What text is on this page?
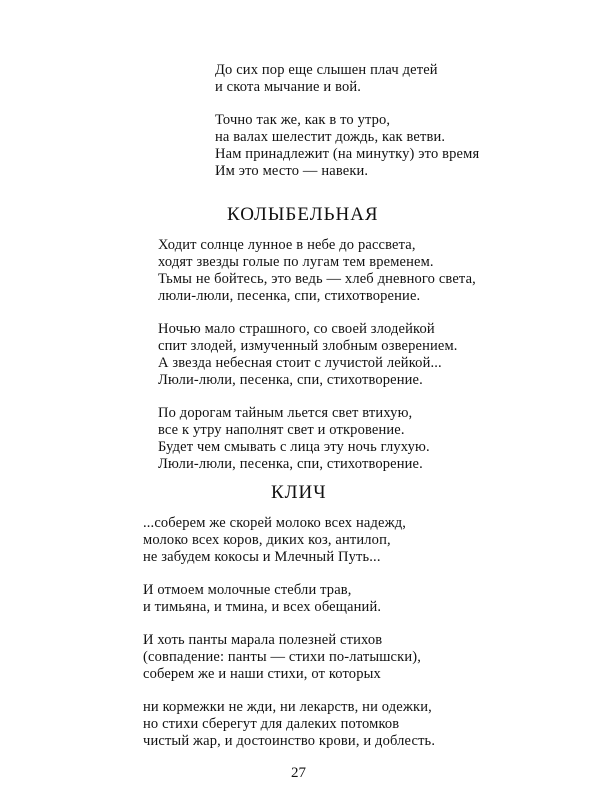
До сих пор еще слышен плач детей
и скота мычание и вой.
Точно так же, как в то утро,
на валах шелестит дождь, как ветви.
Нам принадлежит (на минутку) это время
Им это место — навеки.
КОЛЫБЕЛЬНАЯ
Ходит солнце лунное в небе до рассвета,
ходят звезды голые по лугам тем временем.
Тьмы не бойтесь, это ведь — хлеб дневного света,
люли-люли, песенка, спи, стихотворение.
Ночью мало страшного, со своей злодейкой
спит злодей, измученный злобным озверением.
А звезда небесная стоит с лучистой лейкой...
Люли-люли, песенка, спи, стихотворение.
По дорогам тайным льется свет втихую,
все к утру наполнят свет и откровение.
Будет чем смывать с лица эту ночь глухую.
Люли-люли, песенка, спи, стихотворение.
КЛИЧ
...соберем же скорей молоко всех надежд,
молоко всех коров, диких коз, антилоп,
не забудем кокосы и Млечный Путь...
И отмоем молочные стебли трав,
и тимьяна, и тмина, и всех обещаний.
И хоть панты марала полезней стихов
(совпадение: панты — стихи по-латышски),
соберем же и наши стихи, от которых
ни кормежки не жди, ни лекарств, ни одежки,
но стихи сберегут для далеких потомков
чистый жар, и достоинство крови, и доблесть.
27
